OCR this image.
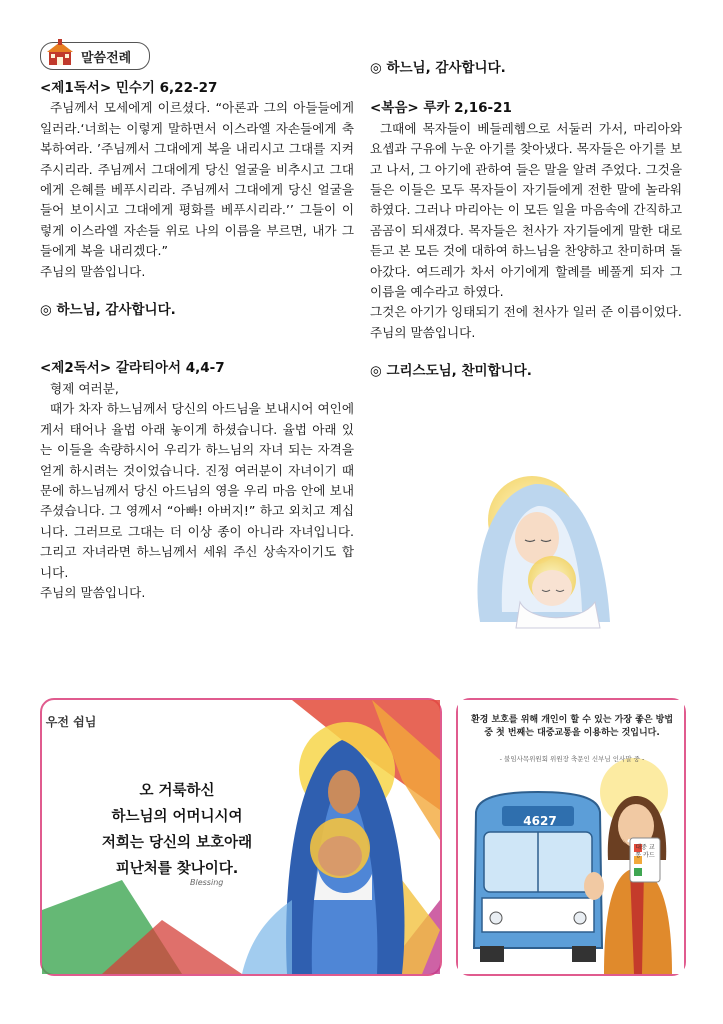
말씀전례

<제1독서> 민수기 6,22-27

주님께서 모세에게 이르셨다. “아론과 그의 아들들에게 일러라.‘너희는 이렇게 말하면서 이스라엘 자손들에게 축복하여라. ’주님께서 그대에게 복을 내리시고 그대를 지켜 주시리라. 주님께서 그대에게 당신 얼굴을 비추시고 그대에게 은혜를 베푸시리라. 주님께서 그대에게 당신 얼굴을 들어 보이시고 그대에게 평화를 베푸시리라.’’ 그들이 이렇게 이스라엘 자손들 위로 나의 이름을 부르면, 내가 그들에게 복을 내리겠다.”

주님의 말씀입니다.

◎ 하느님, 감사합니다.

<제2독서> 갈라티아서 4,4-7

형제 여러분,

때가 차자 하느님께서 당신의 아드님을 보내시어 여인에게서 태어나 율법 아래 놓이게 하셨습니다. 율법 아래 있는 이들을 속량하시어 우리가 하느님의 자녀 되는 자격을 얻게 하시려는 것이었습니다. 진정 여러분이 자녀이기 때문에 하느님께서 당신 아드님의 영을 우리 마음 안에 보내 주셨습니다. 그 영께서 “아빠! 아버지!” 하고 외치고 계십니다. 그러므로 그대는 더 이상 종이 아니라 자녀입니다. 그리고 자녀라면 하느님께서 세워 주신 상속자이기도 합니다.

주님의 말씀입니다.

◎ 하느님, 감사합니다.

<복음> 루카 2,16-21

그때에 목자들이 베들레헴으로 서둘러 가서, 마리아와 요셉과 구유에 누운 아기를 찾아냈다. 목자들은 아기를 보고 나서, 그 아기에 관하여 들은 말을 알려 주었다. 그것을 들은 이들은 모두 목자들이 자기들에게 전한 말에 놀라워하였다. 그러나 마리아는 이 모든 일을 마음속에 간직하고 곰곰이 되새겼다. 목자들은 천사가 자기들에게 말한 대로 듣고 본 모든 것에 대하여 하느님을 찬양하고 찬미하며 돌아갔다. 여드레가 차서 아기에게 할례를 베풀게 되자 그 이름을 예수라고 하였다.

그것은 아기가 잉태되기 전에 천사가 일러 준 이름이었다.

주님의 말씀입니다.

◎ 그리스도님, 찬미합니다.

우전 쉼님
오 거룩하신
하느님의 어머니시여
저희는 당신의 보호아래
피난처를 찾나이다.
Blessing
환경 보호를 위해 개인이 할 수 있는 가장 좋은 방법 중 첫 번째는 대중교통을 이용하는 것입니다.
- 불임사목위원회 위원장 축문인 신부님 인사말 중 -
4627
대중 교통 카드
